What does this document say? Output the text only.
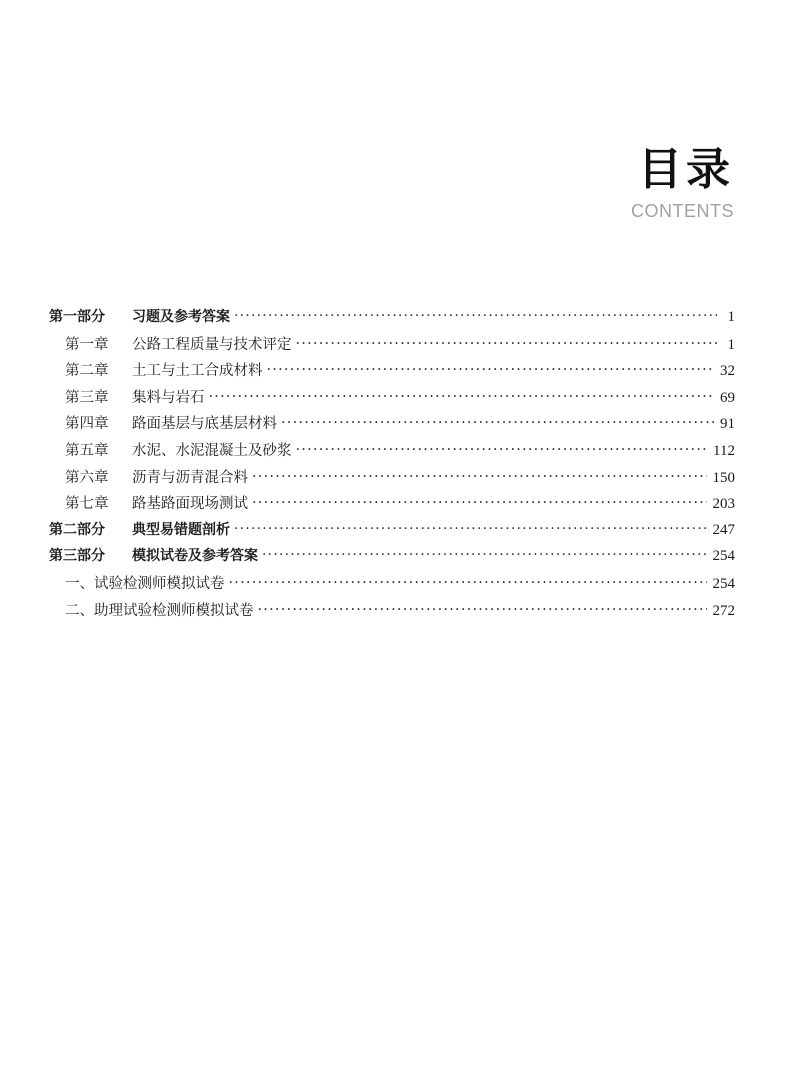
目录
CONTENTS
第一部分 习题及参考答案 ·····	1
第一章 公路工程质量与技术评定 ·····	1
第二章 土工与土工合成材料 ·····	32
第三章 集料与岩石 ·····	69
第四章 路面基层与底基层材料 ·····	91
第五章 水泥、水泥混凝土及砂浆 ·····	112
第六章 沥青与沥青混合料 ·····	150
第七章 路基路面现场测试 ·····	203
第二部分 典型易错题剖析 ·····	247
第三部分 模拟试卷及参考答案 ·····	254
一、试验检测师模拟试卷 ·····	254
二、助理试验检测师模拟试卷 ·····	272
